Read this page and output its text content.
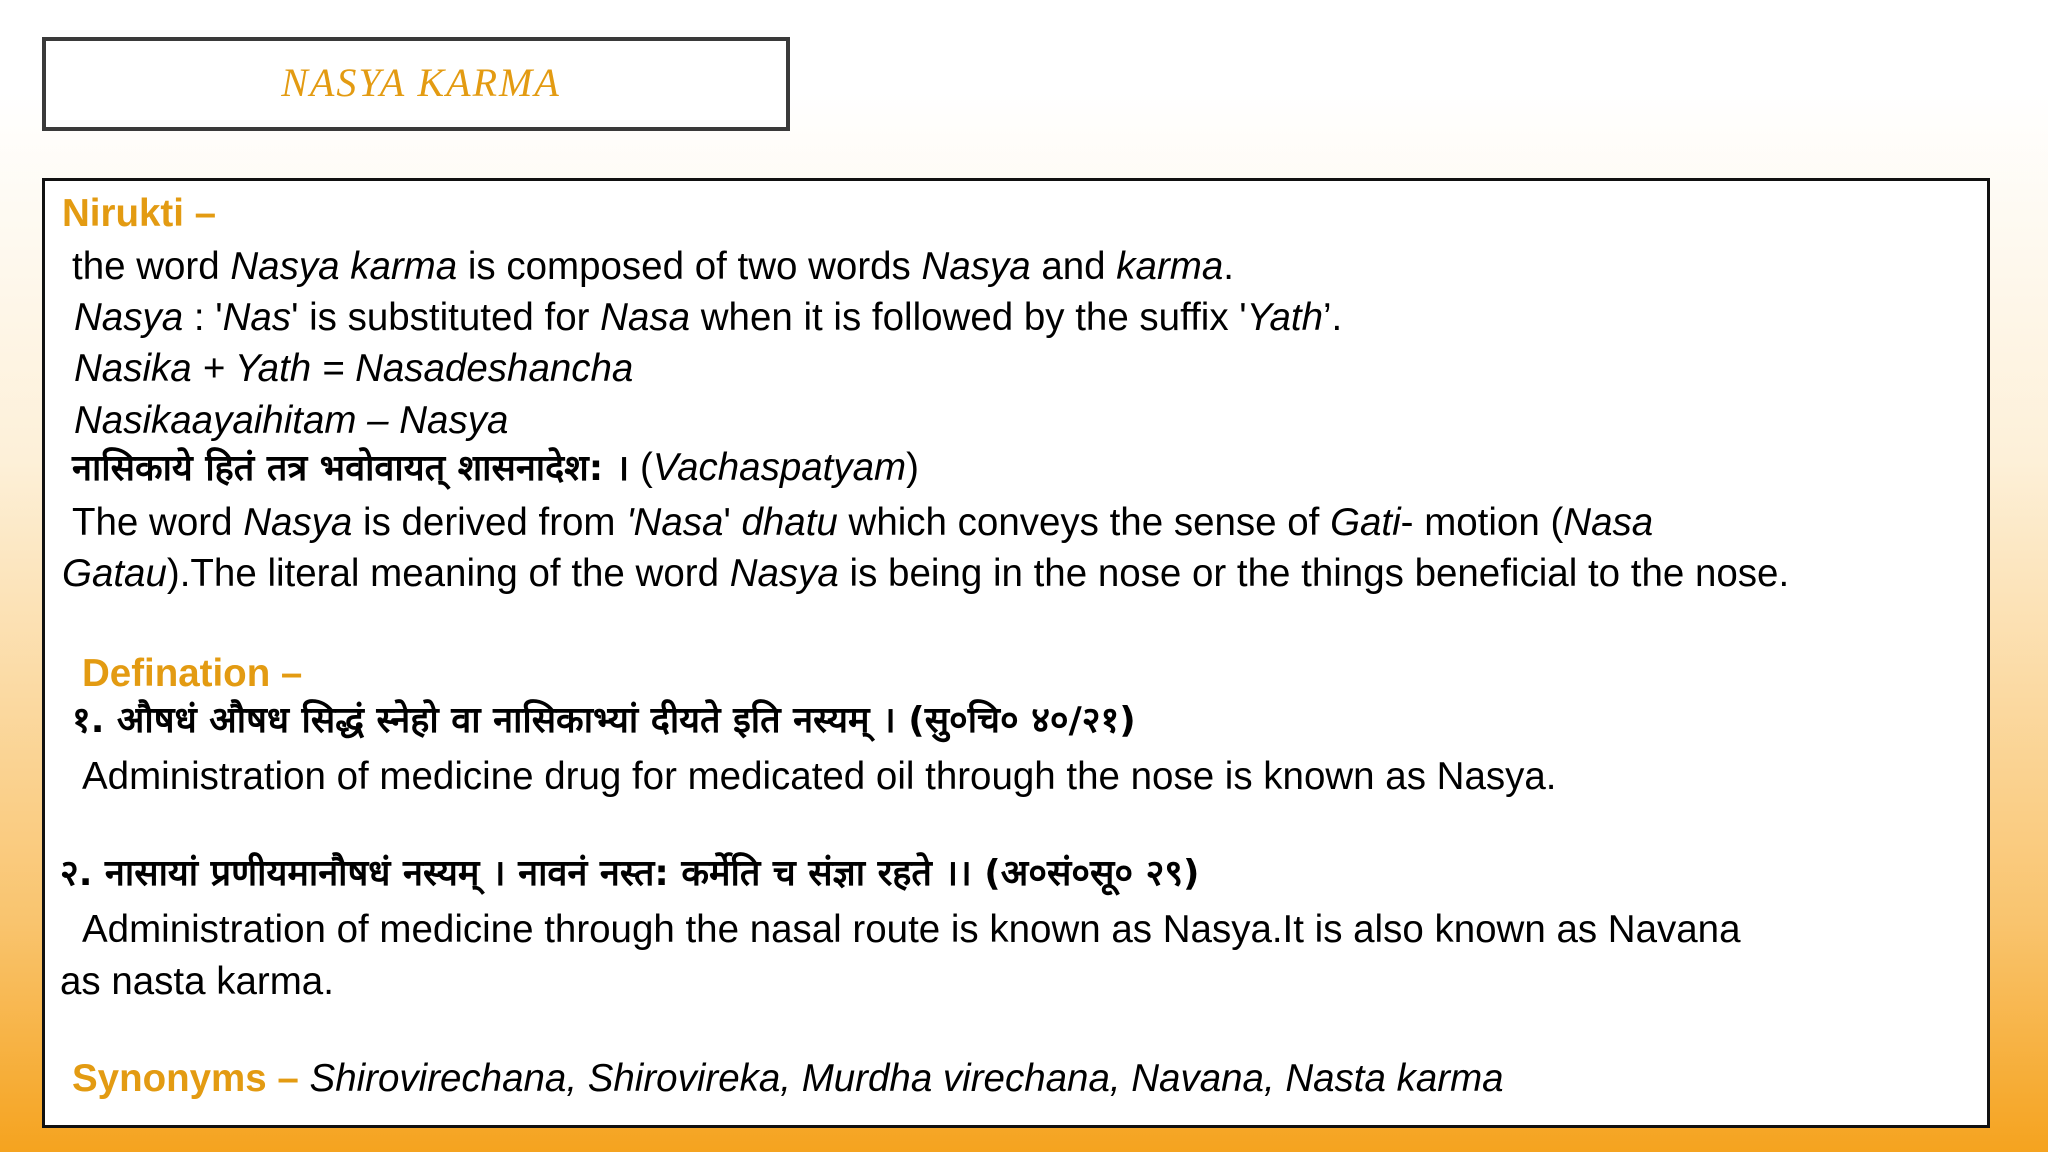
NASYA KARMA
Nirukti –
the word Nasya karma is composed of two words Nasya and karma.
Nasya : 'Nas' is substituted for Nasa when it is followed by the suffix 'Yath’.
Nasika + Yath = Nasadeshancha
Nasikaayaihitam – Nasya
नासिकाये हितं तत्र भवोवायत् शासनादेश: । (Vachaspatyam)
The word Nasya is derived from 'Nasa' dhatu which conveys the sense of Gati- motion (Nasa
Gatau).The literal meaning of the word Nasya is being in the nose or the things beneficial to the nose.
Defination –
१. औषधं औषध सिद्धं स्नेहो वा नासिकाभ्यां दीयते इति नस्यम् । (सु०चि० ४०/२१)
Administration of medicine drug for medicated oil through the nose is known as Nasya.
२. नासायां प्रणीयमानौषधं नस्यम् । नावनं नस्त: कर्मेति च संज्ञा रहते ।। (अ०सं०सू० २९)
Administration of medicine through the nasal route is known as Nasya.It is also known as Navana
as nasta karma.
Synonyms – Shirovirechana, Shirovireka, Murdha virechana, Navana, Nasta karma
